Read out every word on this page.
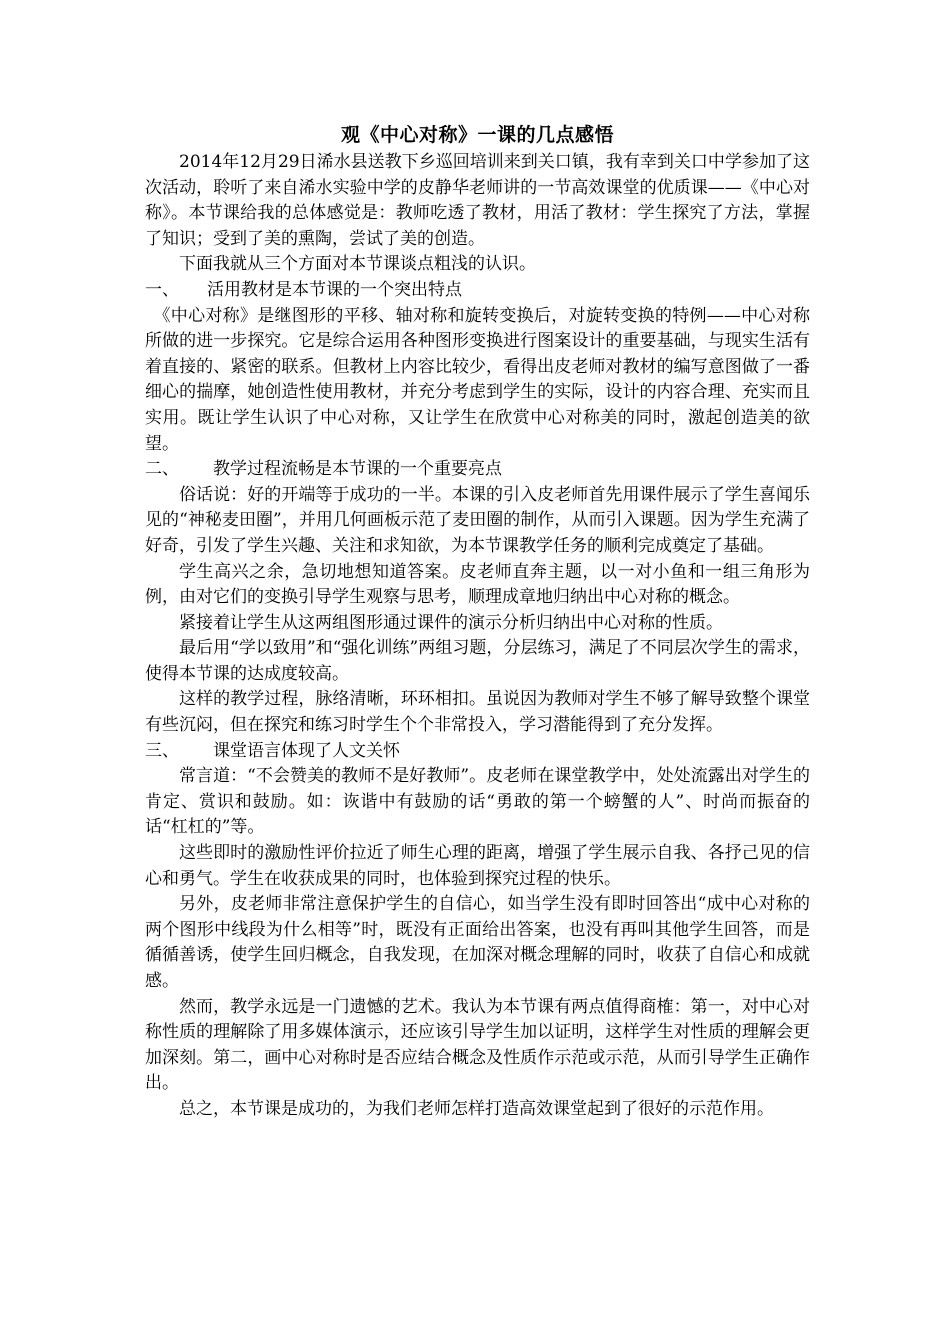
观《中心对称》一课的几点感悟

2014年12月29日浠水县送教下乡巡回培训来到关口镇，我有幸到关口中学参加了这次活动，聆听了来自浠水实验中学的皮静华老师讲的一节高效课堂的优质课——《中心对称》。本节课给我的总体感觉是：教师吃透了教材，用活了教材：学生探究了方法，掌握了知识；受到了美的熏陶，尝试了美的创造。

下面我就从三个方面对本节课谈点粗浅的认识。

一、 活用教材是本节课的一个突出特点

《中心对称》是继图形的平移、轴对称和旋转变换后，对旋转变换的特例——中心对称所做的进一步探究。它是综合运用各种图形变换进行图案设计的重要基础，与现实生活有着直接的、紧密的联系。但教材上内容比较少，看得出皮老师对教材的编写意图做了一番细心的揣摩，她创造性使用教材，并充分考虑到学生的实际，设计的内容合理、充实而且实用。既让学生认识了中心对称，又让学生在欣赏中心对称美的同时，激起创造美的欲望。

二、 教学过程流畅是本节课的一个重要亮点

俗话说：好的开端等于成功的一半。本课的引入皮老师首先用课件展示了学生喜闻乐见的“神秘麦田圈”，并用几何画板示范了麦田圈的制作，从而引入课题。因为学生充满了好奇，引发了学生兴趣、关注和求知欲，为本节课教学任务的顺利完成奠定了基础。

学生高兴之余，急切地想知道答案。皮老师直奔主题，以一对小鱼和一组三角形为例，由对它们的变换引导学生观察与思考，顺理成章地归纳出中心对称的概念。

紧接着让学生从这两组图形通过课件的演示分析归纳出中心对称的性质。

最后用“学以致用”和“强化训练”两组习题，分层练习，满足了不同层次学生的需求，使得本节课的达成度较高。

这样的教学过程，脉络清晰，环环相扣。虽说因为教师对学生不够了解导致整个课堂有些沉闷，但在探究和练习时学生个个非常投入，学习潜能得到了充分发挥。

三、 课堂语言体现了人文关怀

常言道：“不会赞美的教师不是好教师”。皮老师在课堂教学中，处处流露出对学生的肯定、赏识和鼓励。如：诙谐中有鼓励的话“勇敢的第一个螃蟹的人”、时尚而振奋的话“杠杠的”等。

这些即时的激励性评价拉近了师生心理的距离，增强了学生展示自我、各抒己见的信心和勇气。学生在收获成果的同时，也体验到探究过程的快乐。

另外，皮老师非常注意保护学生的自信心，如当学生没有即时回答出“成中心对称的两个图形中线段为什么相等”时，既没有正面给出答案，也没有再叫其他学生回答，而是循循善诱，使学生回归概念，自我发现，在加深对概念理解的同时，收获了自信心和成就感。

然而，教学永远是一门遗憾的艺术。我认为本节课有两点值得商榷：第一，对中心对称性质的理解除了用多媒体演示，还应该引导学生加以证明，这样学生对性质的理解会更加深刻。第二，画中心对称时是否应结合概念及性质作示范或示范，从而引导学生正确作出。

总之，本节课是成功的，为我们老师怎样打造高效课堂起到了很好的示范作用。
